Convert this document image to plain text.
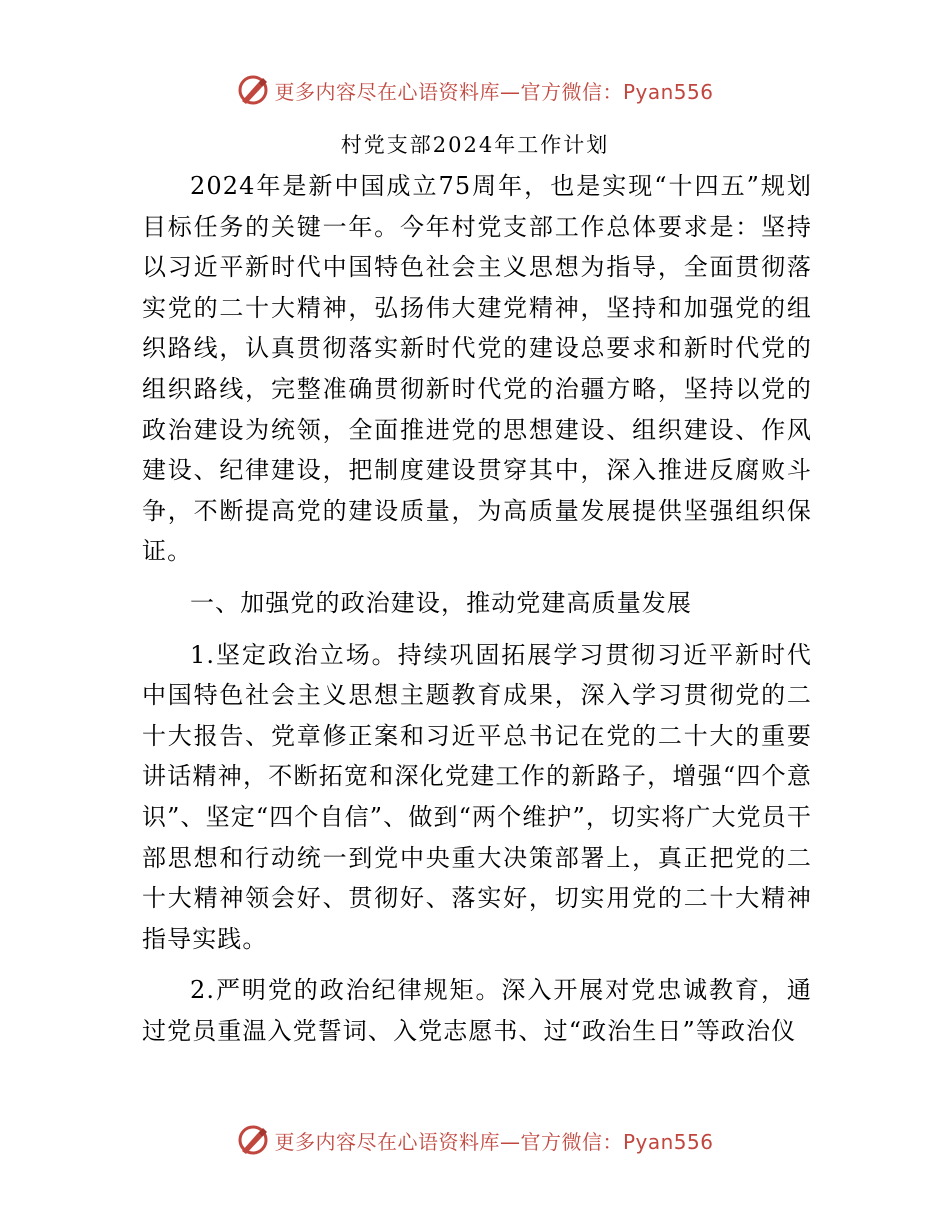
更多内容尽在心语资料库—官方微信：Pyan556
村党支部2024年工作计划

2024年是新中国成立75周年，也是实现“十四五”规划目标任务的关键一年。今年村党支部工作总体要求是：坚持以习近平新时代中国特色社会主义思想为指导，全面贯彻落实党的二十大精神，弘扬伟大建党精神，坚持和加强党的组织路线，认真贯彻落实新时代党的建设总要求和新时代党的组织路线，完整准确贯彻新时代党的治疆方略，坚持以党的政治建设为统领，全面推进党的思想建设、组织建设、作风建设、纪律建设，把制度建设贯穿其中，深入推进反腐败斗争，不断提高党的建设质量，为高质量发展提供坚强组织保证。

一、加强党的政治建设，推动党建高质量发展

1.坚定政治立场。持续巩固拓展学习贯彻习近平新时代中国特色社会主义思想主题教育成果，深入学习贯彻党的二十大报告、党章修正案和习近平总书记在党的二十大的重要讲话精神，不断拓宽和深化党建工作的新路子，增强“四个意识”、坚定“四个自信”、做到“两个维护”，切实将广大党员干部思想和行动统一到党中央重大决策部署上，真正把党的二十大精神领会好、贯彻好、落实好，切实用党的二十大精神指导实践。

2.严明党的政治纪律规矩。深入开展对党忠诚教育，通过党员重温入党誓词、入党志愿书、过“政治生日”等政治仪

更多内容尽在心语资料库—官方微信：Pyan556
